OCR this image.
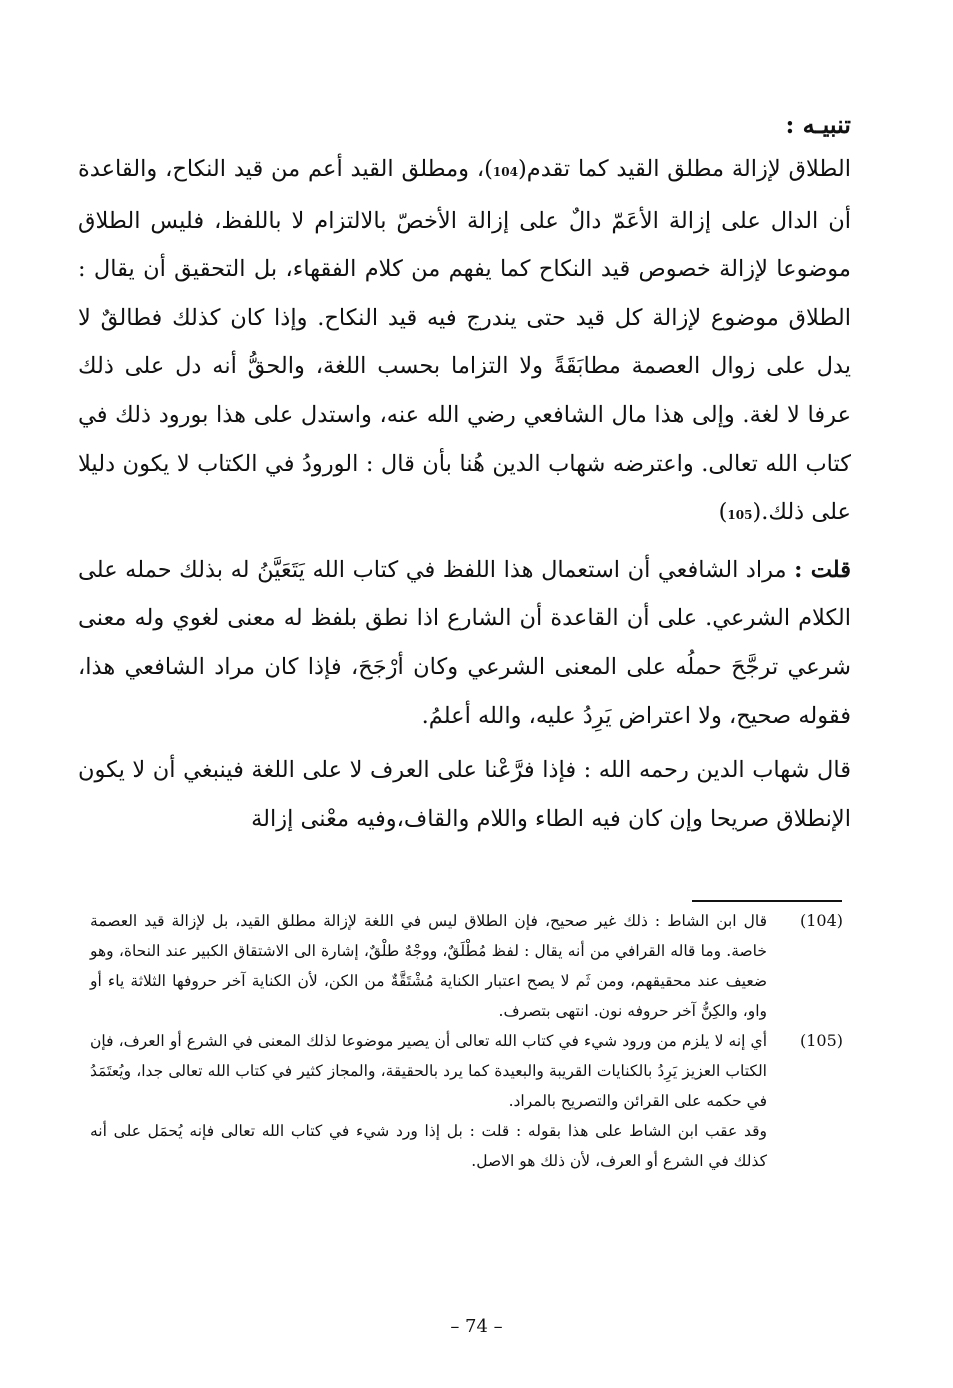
تنبيـه :

الطلاق لإزالة مطلق القيد كما تقدم(104)، ومطلق القيد أعم من قيد النكاح، والقاعدة أن الدال على إزالة الأعَمّ دالٌ على إزالة الأخصّ بالالتزام لا باللفظ، فليس الطلاق موضوعا لإزالة خصوص قيد النكاح كما يفهم من كلام الفقهاء، بل التحقيق أن يقال : الطلاق موضوع لإزالة كل قيد حتى يندرج فيه قيد النكاح. وإذا كان كذلك فطالقٌ لا يدل على زوال العصمة مطابَقَةً ولا التزاما بحسب اللغة، والحقُّ أنه دل على ذلك عرفا لا لغة. وإلى هذا مال الشافعي رضي الله عنه، واستدل على هذا بورود ذلك في كتاب الله تعالى. واعترضه شهاب الدين هُنا بأن قال : الورودُ في الكتاب لا يكون دليلا على ذلك.(105)

قلت : مراد الشافعي أن استعمال هذا اللفظ في كتاب الله يَتَعَيَّنُ له بذلك حمله على الكلام الشرعي. على أن القاعدة أن الشارع اذا نطق بلفظ له معنى لغوي وله معنى شرعي ترجَّحَ حملُه على المعنى الشرعي وكان أرْجَحَ، فإذا كان مراد الشافعي هذا، فقوله صحيح، ولا اعتراض يَرِدُ عليه، والله أعلمُ.

قال شهاب الدين رحمه الله : فإذا فرَّعْنا على العرف لا على اللغة فينبغي أن لا يكون الإنطلاق صريحا وإن كان فيه الطاء واللام والقاف،وفيه معْنى إزالة

(104)
قال ابن الشاط : ذلك غير صحيح، فإن الطلاق ليس في اللغة لإزالة مطلق القيد، بل لإزالة قيد العصمة خاصة. وما قاله القرافي من أنه يقال : لفظ مُطْلَقٌ، ووجْهٌ طلْقٌ، إشارة الى الاشتقاق الكبير عند النحاة، وهو ضعيف عند محقيقهم، ومن ثَم لا يصح اعتبار الكناية مُشْتَقَّةٌ من الكن، لأن الكناية آخر حروفها الثلاثة ياء أو واو، والكِنُّ آخر حروفه نون. انتهى بتصرف.
(105)
أي إنه لا يلزم من ورود شيء في كتاب الله تعالى أن يصير موضوعا لذلك المعنى في الشرع أو العرف، فإن الكتاب العزيز يَرِدُ بالكنايات القريبة والبعيدة كما يرد بالحقيقة، والمجاز كثير في كتاب الله تعالى جدا، ويُعتَمَدُ في حكمه على القرائن والتصريح بالمراد.
وقد عقب ابن الشاط على هذا بقوله : قلت : بل إذا ورد شيء في كتاب الله تعالى فإنه يُحمَل على أنه كذلك في الشرع أو العرف، لأن ذلك هو الاصل.
– 74 –
